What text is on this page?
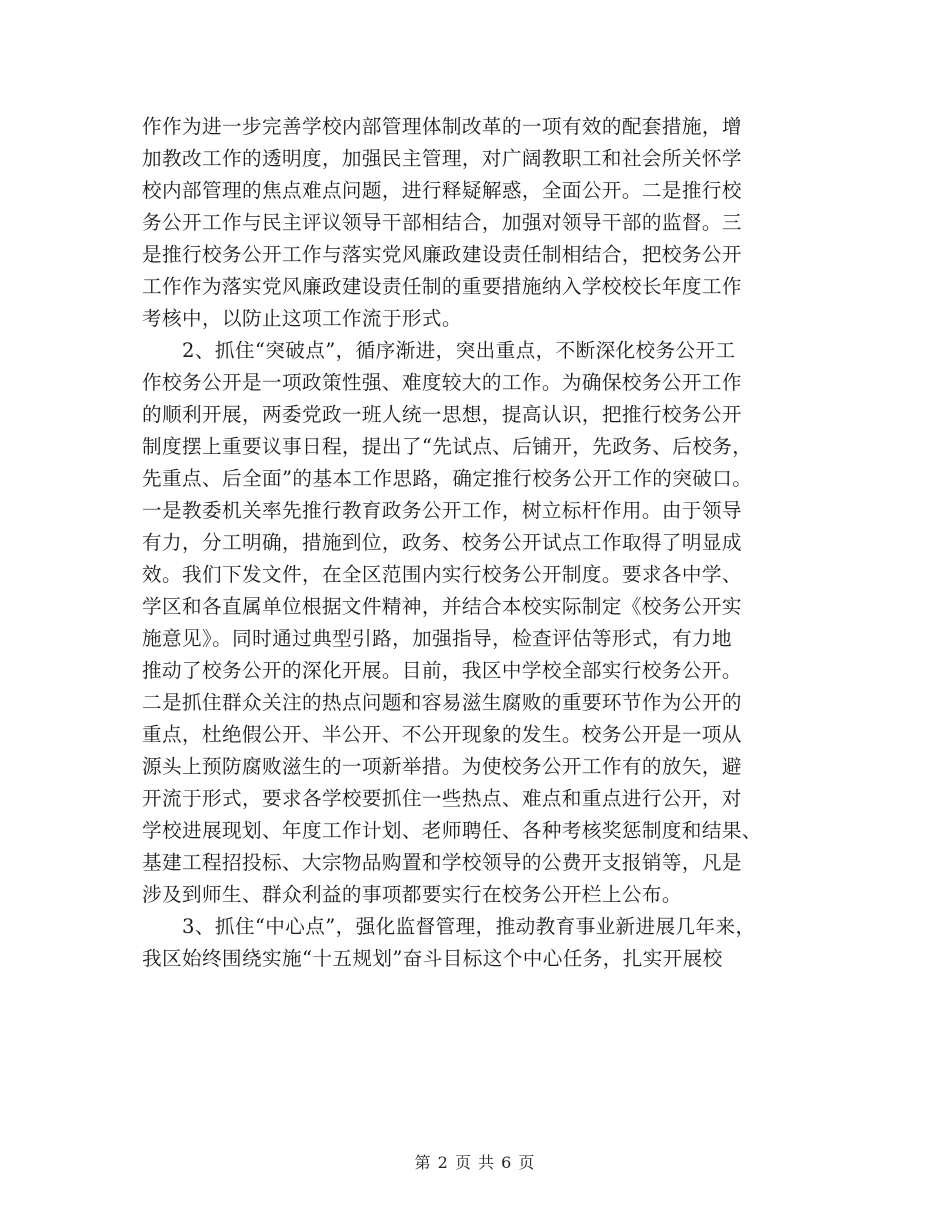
作作为进一步完善学校内部管理体制改革的一项有效的配套措施，增
加教改工作的透明度，加强民主管理，对广阔教职工和社会所关怀学
校内部管理的焦点难点问题，进行释疑解惑，全面公开。二是推行校
务公开工作与民主评议领导干部相结合，加强对领导干部的监督。三
是推行校务公开工作与落实党风廉政建设责任制相结合，把校务公开
工作作为落实党风廉政建设责任制的重要措施纳入学校校长年度工作
考核中，以防止这项工作流于形式。
　　2、抓住“突破点”，循序渐进，突出重点，不断深化校务公开工
作校务公开是一项政策性强、难度较大的工作。为确保校务公开工作
的顺利开展，两委党政一班人统一思想，提高认识，把推行校务公开
制度摆上重要议事日程，提出了“先试点、后铺开，先政务、后校务，
先重点、后全面”的基本工作思路，确定推行校务公开工作的突破口。
一是教委机关率先推行教育政务公开工作，树立标杆作用。由于领导
有力，分工明确，措施到位，政务、校务公开试点工作取得了明显成
效。我们下发文件，在全区范围内实行校务公开制度。要求各中学、
学区和各直属单位根据文件精神，并结合本校实际制定《校务公开实
施意见》。同时通过典型引路，加强指导，检查评估等形式，有力地
推动了校务公开的深化开展。目前，我区中学校全部实行校务公开。
二是抓住群众关注的热点问题和容易滋生腐败的重要环节作为公开的
重点，杜绝假公开、半公开、不公开现象的发生。校务公开是一项从
源头上预防腐败滋生的一项新举措。为使校务公开工作有的放矢，避
开流于形式，要求各学校要抓住一些热点、难点和重点进行公开，对
学校进展现划、年度工作计划、老师聘任、各种考核奖惩制度和结果、
基建工程招投标、大宗物品购置和学校领导的公费开支报销等，凡是
涉及到师生、群众利益的事项都要实行在校务公开栏上公布。
　　3、抓住“中心点”，强化监督管理，推动教育事业新进展几年来，
我区始终围绕实施“十五规划”奋斗目标这个中心任务，扎实开展校
第 2 页 共 6 页
